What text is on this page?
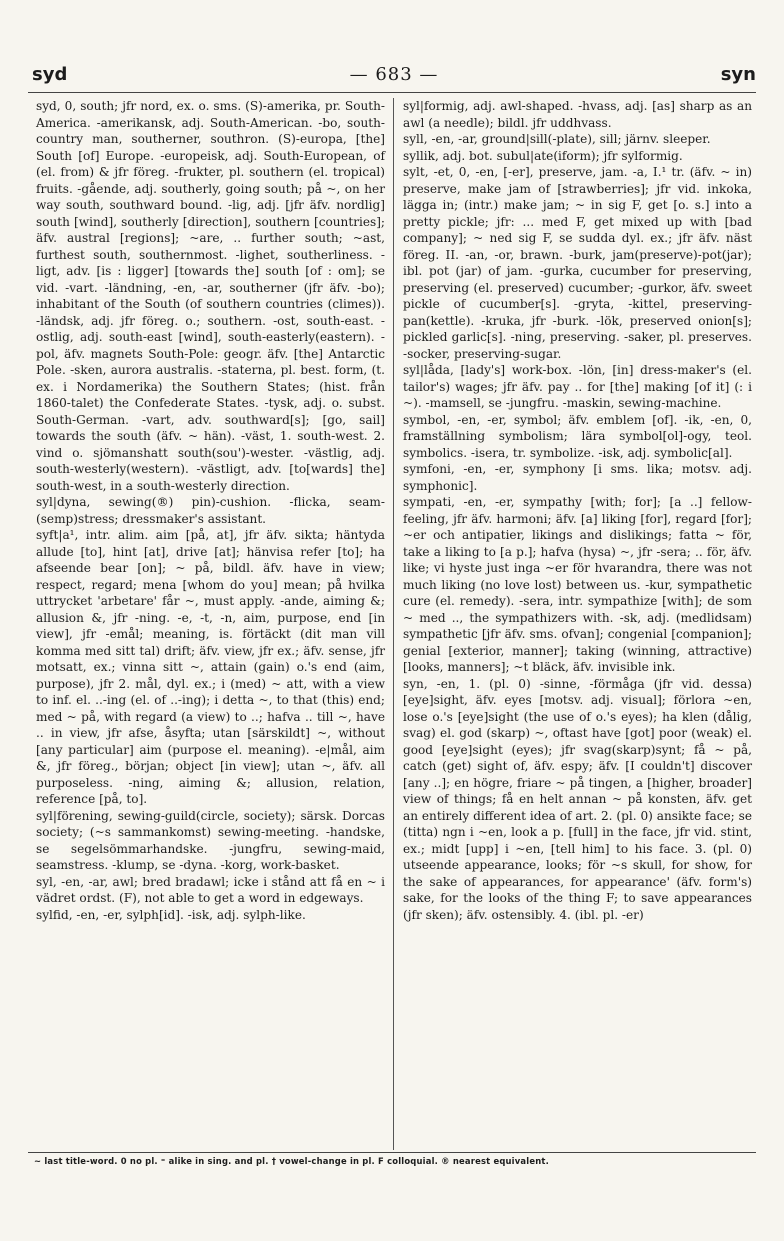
syd	— 683 —	syn

syd, 0, south; jfr nord, ex. o. sms. (S)-amerika, pr. South-America. -amerikansk, adj. South-American. -bo, south-country man, southerner, southron. (S)-europa, [the] South [of] Europe. -europeisk, adj. South-European, of (el. from) & jfr föreg. -frukter, pl. southern (el. tropical) fruits. -gående, adj. southerly, going south; på ~, on her way south, southward bound. -lig, adj. [jfr äfv. nordlig] south [wind], southerly [direction], southern [countries]; äfv. austral [regions]; ~are, .. further south; ~ast, furthest south, southernmost. -lighet, southerliness. -ligt, adv. [is : ligger] [towards the] south [of : om]; se vid. -vart. -ländning, -en, -ar, southerner (jfr äfv. -bo); inhabitant of the South (of southern countries (climes)). -ländsk, adj. jfr föreg. o.; southern. -ost, south-east. -ostlig, adj. south-east [wind], south-easterly(eastern). -pol, äfv. magnets South-Pole: geogr. äfv. [the] Antarctic Pole. -sken, aurora australis. -staterna, pl. best. form, (t. ex. i Nordamerika) the Southern States; (hist. från 1860-talet) the Confederate States. -tysk, adj. o. subst. South-German. -vart, adv. southward[s]; [go, sail] towards the south (äfv. ~ hän). -väst, 1. south-west. 2. vind o. sjömanshatt south(sou')-wester. -västlig, adj. south-westerly(western). -västligt, adv. [to[wards] the] south-west, in a south-westerly direction.

syl|dyna, sewing(®) pin)-cushion. -flicka, seam-(semp)stress; dressmaker's assistant.

syft|a¹, intr. alim. aim [på, at], jfr äfv. sikta; häntyda allude [to], hint [at], drive [at]; hänvisa refer [to]; ha afseende bear [on]; ~ på, bildl. äfv. have in view; respect, regard; mena [whom do you] mean; på hvilka uttrycket 'arbetare' får ~, must apply. -ande, aiming &; allusion &, jfr -ning. -e, -t, -n, aim, purpose, end [in view], jfr -emål; meaning, is. förtäckt (dit man vill komma med sitt tal) drift; äfv. view, jfr ex.; äfv. sense, jfr motsatt, ex.; vinna sitt ~, attain (gain) o.'s end (aim, purpose), jfr 2. mål, dyl. ex.; i (med) ~ att, with a view to inf. el. ..-ing (el. of ..-ing); i detta ~, to that (this) end; med ~ på, with regard (a view) to ..; hafva .. till ~, have .. in view, jfr afse, åsyfta; utan [särskildt] ~, without [any particular] aim (purpose el. meaning). -e|mål, aim &, jfr föreg., början; object [in view]; utan ~, äfv. all purposeless. -ning, aiming &; allusion, relation, reference [på, to].

syl|förening, sewing-guild(circle, society); särsk. Dorcas society; (~s sammankomst) sewing-meeting. -handske, se segelsömmarhandske. -jungfru, sewing-maid, seamstress. -klump, se -dyna. -korg, work-basket.

syl, -en, -ar, awl; bred bradawl; icke i stånd att få en ~ i vädret ordst. (F), not able to get a word in edgeways.

sylfid, -en, -er, sylph[id]. -isk, adj. sylph-like.

syl|formig, adj. awl-shaped. -hvass, adj. [as] sharp as an awl (a needle); bildl. jfr uddhvass.

syll, -en, -ar, ground|sill(-plate), sill; järnv. sleeper.

syllik, adj. bot. subul|ate(iform); jfr sylformig.

sylt, -et, 0, -en, [-er], preserve, jam. -a, I.¹ tr. (äfv. ~ in) preserve, make jam of [strawberries]; jfr vid. inkoka, lägga in; (intr.) make jam; ~ in sig F, get [o. s.] into a pretty pickle; jfr: ... med F, get mixed up with [bad company]; ~ ned sig F, se sudda dyl. ex.; jfr äfv. näst föreg. II. -an, -or, brawn. -burk, jam(preserve)-pot(jar); ibl. pot (jar) of jam. -gurka, cucumber for preserving, preserving (el. preserved) cucumber; -gurkor, äfv. sweet pickle of cucumber[s]. -gryta, -kittel, preserving-pan(kettle). -kruka, jfr -burk. -lök, preserved onion[s]; pickled garlic[s]. -ning, preserving. -saker, pl. preserves. -socker, preserving-sugar.

syl|låda, [lady's] work-box. -lön, [in] dress-maker's (el. tailor's) wages; jfr äfv. pay .. for [the] making [of it] (: i ~). -mamsell, se -jungfru. -maskin, sewing-machine.

symbol, -en, -er, symbol; äfv. emblem [of]. -ik, -en, 0, framställning symbolism; lära symbol[ol]-ogy, teol. symbolics. -isera, tr. symbolize. -isk, adj. symbolic[al].

symfoni, -en, -er, symphony [i sms. lika; motsv. adj. symphonic].

sympati, -en, -er, sympathy [with; for]; [a ..] fellow-feeling, jfr äfv. harmoni; äfv. [a] liking [for], regard [for]; ~er och antipatier, likings and dislikings; fatta ~ för, take a liking to [a p.]; hafva (hysa) ~, jfr -sera; .. för, äfv. like; vi hyste just inga ~er för hvarandra, there was not much liking (no love lost) between us. -kur, sympathetic cure (el. remedy). -sera, intr. sympathize [with]; de som ~ med .., the sympathizers with. -sk, adj. (medlidsam) sympathetic [jfr äfv. sms. ofvan]; congenial [companion]; genial [exterior, manner]; taking (winning, attractive) [looks, manners]; ~t bläck, äfv. invisible ink.

syn, -en, 1. (pl. 0) -sinne, -förmåga (jfr vid. dessa) [eye]sight, äfv. eyes [motsv. adj. visual]; förlora ~en, lose o.'s [eye]sight (the use of o.'s eyes); ha klen (dålig, svag) el. god (skarp) ~, oftast have [got] poor (weak) el. good [eye]sight (eyes); jfr svag(skarp)synt; få ~ på, catch (get) sight of, äfv. espy; äfv. [I couldn't] discover [any ..]; en högre, friare ~ på tingen, a [higher, broader] view of things; få en helt annan ~ på konsten, äfv. get an entirely different idea of art. 2. (pl. 0) ansikte face; se (titta) ngn i ~en, look a p. [full] in the face, jfr vid. stint, ex.; midt [upp] i ~en, [tell him] to his face. 3. (pl. 0) utseende appearance, looks; för ~s skull, for show, for the sake of appearances, for appearance' (äfv. form's) sake, for the looks of the thing F; to save appearances (jfr sken); äfv. ostensibly. 4. (ibl. pl. -er)

~ last title-word. 0 no pl. ⁼ alike in sing. and pl. † vowel-change in pl. F colloquial. ® nearest equivalent.
